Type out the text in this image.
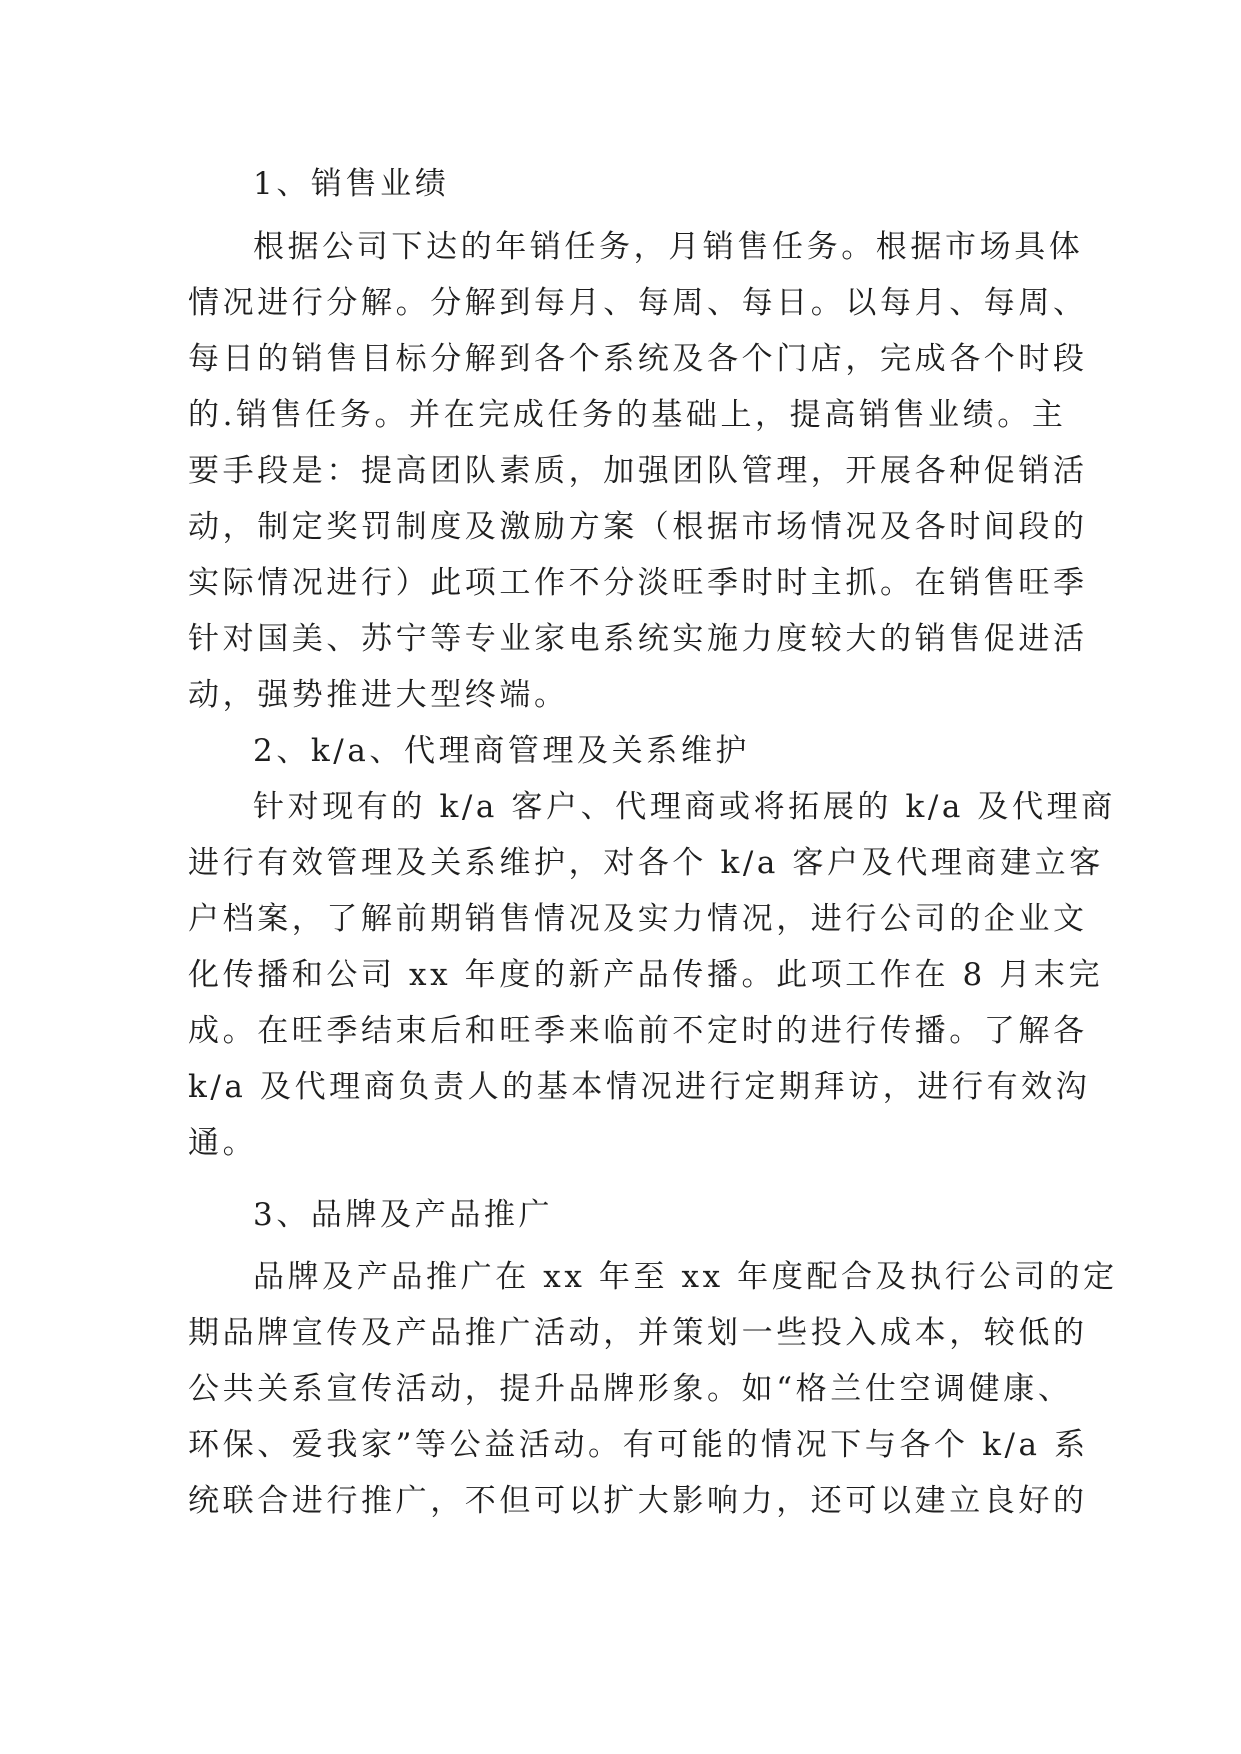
1、销售业绩
根据公司下达的年销任务，月销售任务。根据市场具体
情况进行分解。分解到每月、每周、每日。以每月、每周、
每日的销售目标分解到各个系统及各个门店，完成各个时段
的.销售任务。并在完成任务的基础上，提高销售业绩。主
要手段是：提高团队素质，加强团队管理，开展各种促销活
动，制定奖罚制度及激励方案（根据市场情况及各时间段的
实际情况进行）此项工作不分淡旺季时时主抓。在销售旺季
针对国美、苏宁等专业家电系统实施力度较大的销售促进活
动，强势推进大型终端。
2、k/a、代理商管理及关系维护
针对现有的 k/a 客户、代理商或将拓展的 k/a 及代理商
进行有效管理及关系维护，对各个 k/a 客户及代理商建立客
户档案，了解前期销售情况及实力情况，进行公司的企业文
化传播和公司 xx 年度的新产品传播。此项工作在 8 月末完
成。在旺季结束后和旺季来临前不定时的进行传播。了解各
k/a 及代理商负责人的基本情况进行定期拜访，进行有效沟
通。
3、品牌及产品推广
品牌及产品推广在 xx 年至 xx 年度配合及执行公司的定
期品牌宣传及产品推广活动，并策划一些投入成本，较低的
公共关系宣传活动，提升品牌形象。如“格兰仕空调健康、
环保、爱我家”等公益活动。有可能的情况下与各个 k/a 系
统联合进行推广，不但可以扩大影响力，还可以建立良好的
